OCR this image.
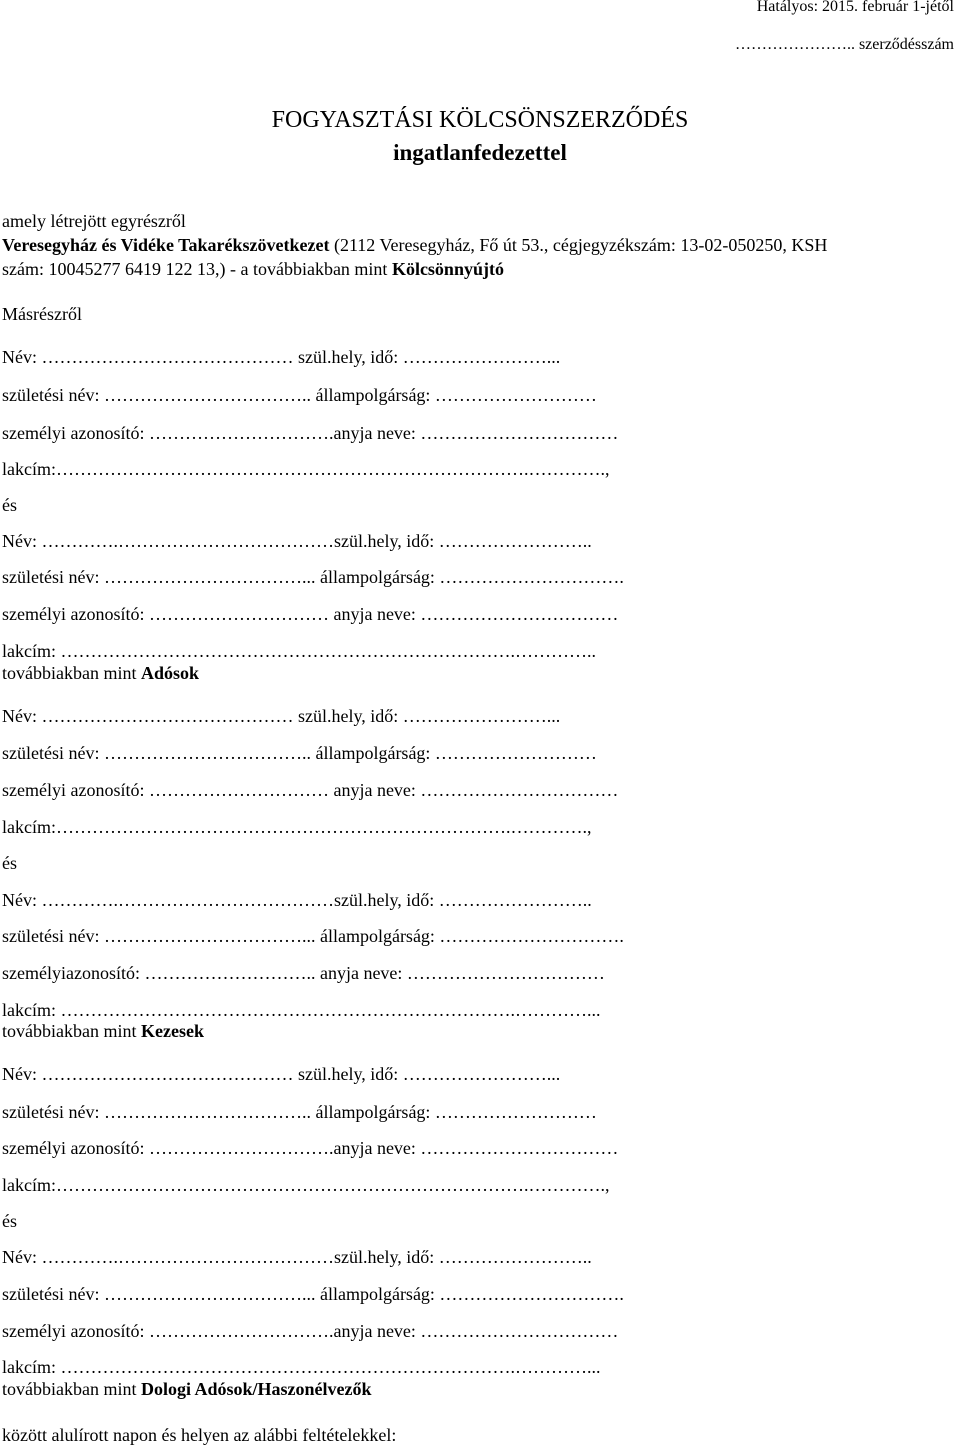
Hatályos: 2015. február 1-jétől
………………….. szerződésszám
FOGYASZTÁSI KÖLCSÖNSZERZŐDÉS
ingatlanfedezettel
amely létrejött egyrészről
Veresegyház és Vidéke Takarékszövetkezet (2112 Veresegyház, Fő út 53., cégjegyzékszám: 13-02-050250, KSH
szám: 10045277 6419 122 13,) - a továbbiakban mint Kölcsönnyújtó
Másrészről
Név: …………………………………… szül.hely, idő: ……………………...
születési név: …………………………….. állampolgárság: ………………………
személyi azonosító: ………………………….anyja neve: ……………………………
lakcím:…………………………………………………………………….………….,
és
Név: ………….………………………………szül.hely, idő: ……………………..
születési név: ……………………………... állampolgárság: ………………………….
személyi azonosító: ………………………… anyja neve: ……………………………
lakcím: ………………………………………………………………….…………..
továbbiakban mint Adósok
Név: …………………………………… szül.hely, idő: ……………………...
születési név: …………………………….. állampolgárság: ………………………
személyi azonosító: ………………………… anyja neve: ……………………………
lakcím:………………………………………………………………….………….,
és
Név: ………….………………………………szül.hely, idő: ……………………..
születési név: ……………………………... állampolgárság: ………………………….
személyiazonosító: ……………………….. anyja neve: ……………………………
lakcím: ………………………………………………………………….…………...
továbbiakban mint Kezesek
Név: …………………………………… szül.hely, idő: ……………………...
születési név: …………………………….. állampolgárság: ………………………
személyi azonosító: ………………………….anyja neve: ……………………………
lakcím:…………………………………………………………………….………….,
és
Név: ………….………………………………szül.hely, idő: ……………………..
születési név: ……………………………... állampolgárság: ………………………….
személyi azonosító: ………………………….anyja neve: ……………………………
lakcím: ………………………………………………………………….…………...
továbbiakban mint Dologi Adósok/Haszonélvezők
között alulírott napon és helyen az alábbi feltételekkel:
